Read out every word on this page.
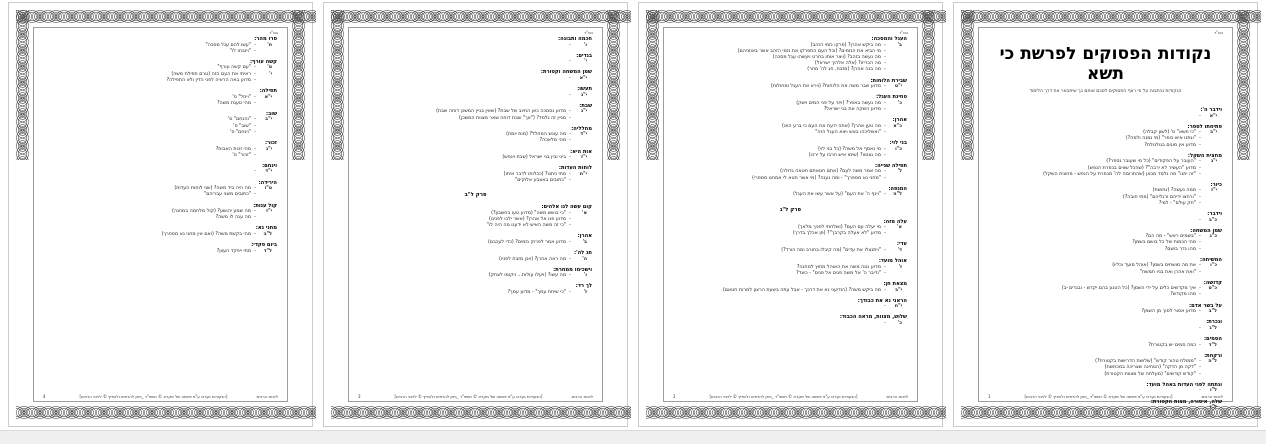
בס"ד
סרו מהר:
ח'
-
"עשו להם עגל מסכה"
-
"ויזבחו לו"
קשה עורף:
ט'
-
"עם קשה עורף"
י'
-
ראיתי את העם הזה (טרם תפילת משה)
-
מדוע באה הראיה לפני הדין ולא התפילה?
תפילה:
י"א
-
"ויחל" ס'
-
מהי טענת משה?
שוב:
י"ב
-
"והנחם" ס'
-
"שוב" ס'
-
"וינחם" ס'
זכור:
י"ג
-
מהי זכות האבות?
-
"זכור" ס'
וינחם:
י"ד
-
הירידה:
ט"ו
-
מה היה ביד משה? (שני לוחות העדות)
-
"כתובים משני עבריהם"
קול ענות:
י"ז
-
מה שמע יהושע? (קול מלחמה במחנה)
-
מה ענה לו משה?
מחני נא:
ל"ב
-
מהי בקשת משה? (ואם אין מחני נא מספרך)
ביום פקדי:
ל"ד
-
מתי ייפקד העוון?
4	[הנקודות נערכו ע"פ פשוטו של מקרא © תשפ"ד _ניתן להדפיס ולהפיץ © לזיכוי הרבים]	לזכות הרבים
בס"ד
חכמה ותבונה:
ו'
-
בגדים:
י'
-
שמן המשחה וקטורת:
י"א
-
תעשו:
י"ג
-
שבת:
י"ג
-
מדוע נסמכה כאן החיוב של שבת? (שאין בניין המשכן דוחה שבת)
-
מניין זה נלמד? ("אך" שבת דוחה שאר מצוות המשכן)
מחלליה:
י"ד
-
מה עונש המחלל? (מות יומת)
-
מהי מלאכה?
אות היא:
י"ז
-
ביני ובין בני ישראל (שבת וינפש)
לוחות העדות:
י"ח
-
מתי ניתנו? (ככלותו לדבר איתו)
-
"כתובים באצבע אלוקים"
פרק ל"ב
קום עשה לנו אלהים:
א'
-
"כי בושש משה" (מדוע טעו בחשבון?)
-
מדוע פנו אל אהרן? (אשר ילכו לפנינו)
-
"כי זה משה האיש לא ידענו מה היה לו"
אהרן:
ב'
-
מדוע אמר לפרוק נזמים? (כדי לעכבם)
חג לה':
ה'
-
מה ראה אהרן? (ויבן מזבח לפניו)
וישכימו ממחרת:
ו'
-
מה עשו? (ויעלו עולות... ויקומו לצחק)
לך רד:
ז'
-
"כי שיחת עמך" - מדוע עמך?
3	[הנקודות נערכו ע"פ פשוטו של מקרא © תשפ"ד _ניתן להדפיס ולהפיץ © לזיכוי הרבים]	לזכות הרבים
בס"ד
העגל והמסכה:
ב'
-
מה ביקש אהרן? (פרקו נזמי הזהב)
-
מי הביא את הנזמים? (וכל העם התפרקו את נזמי הזהב אשר באוזניהם)
-
מה נעשה בזהב? (ויצר אותו בחרט ויעשהו עגל מסכה)
-
מה הכריזו? (אלה אלהיך ישראל)
-
מה בנה אהרן? (מזבח, חג לה' מחר)
שבירת הלוחות:
י"ט
-
מדוע שבר משה את הלוחות? (וירא את העגל ומחולות)
טחינת העגל:
כ'
-
מה נעשה באפר? (ויזר על פני המים וישק)
-
מדוע השקה את בני ישראל?
אהרן:
כ"א
-
מה טען אהרן? (אתה ידעת את העם כי ברע הוא)
-
"ואשליכהו באש ויצא העגל הזה"
בני לוי:
כ"ו
-
מי נאסף אל משה? (כל בני לוי)
-
מה נצטוו? (שימו איש חרבו על ירכו)
תפילה שנייה:
ל'
-
מה אמר משה לעם? (אתם חטאתם חטאה גדולה)
-
"מחני נא מספרך" - ומה נענה? (מי אשר חטא לי אמחנו מספרי)
המגפה:
ל"ה
-
"ויגף ה' את העם" (על אשר עשו את העגל)
פרק ל"ג
עלה מזה:
א'
-
מי יעלה עם העם? (ושלחתי לפניך מלאך)
-
מדוע "לא אעלה בקרבך"? (פן אכלך בדרך)
עדי:
ד'
-
"ויתנצלו את עדים" (מה קיבלו בחורב ומה הורד?)
אוהל מועד:
ז'
-
מדוע נטה משה את האוהל מחוץ למחנה?
-
"ודיבר ה' אל משה פנים אל פנים" - כיצד?
מצאת חן:
י"ב
-
מה ביקש משה? (הודיעני נא את דרכך - אבל עתה בשעת הרצון למרות חטאם)
הראני נא את כבודך:
י"ח
-
שלוש, מצוות, מראה הכבוד:
כ'
-
2	[הנקודות נערכו ע"פ פשוטו של מקרא © תשפ"ד _ניתן להדפיס ולהפיץ © לזיכוי הרבים]	לזכות הרבים
בס"ד
נקודות הפסוקים לפרשת כי תשא
הנקודות נכתבות על פי רצף הפסוקים לסכם אותם כך שיתבאר את דרך הלימוד
וידבר ה':
י"א
-
פתיחתו לספר:
י"ב
-
"כי תשא" ס' (לשון קבלה)
-
"ונתנו איש כופר" (מי נמנה ולמה?)
-
מדוע אין מונים בגולגולת?
מחצית השקל:
י"ג
-
"העובר על הפקודים" (כל מי שעובר נספר?)
-
מדוע "העשיר לא ירבה"? (שהכל שווים בכפרת הנפש)
-
"זה יתנו" מה נלמד מכאן (שהתרומה לה' מכפרת על הנפש - מחצית השקל)
כיור:
י"ז
-
ממה נעשה? (נחושת)
-
"ורחצו ידיהם ורגליהם" (מתי חובה?)
-
"חק עולם" - למי?
וידבר:
כ"ב
-
שמן המשחה:
כ"ג
-
"בשמים ראש" - מה הם?
-
מהי הכמות של כל בושם בשמן?
-
מהו גדר בושם?
המשיחה:
כ"ו
-
את מה מושחים בשמן? (אוהל מועד וכליו)
-
"ואת אהרן ואת בניו תמשח"
קדושה:
כ"ט
-
איך מקדשים כלים על ידי השמן? (כל הנוגע בהם יקדש - ובגדים יב)
-
מהו מקודש?
על בשר אדם:
ל"ב
-
מדוע אסור לסוך מן השמן?
ונכרת:
ל"ג
-
הסמים:
ל"ד
-
כמה סמים יש בקטורת?
ורקחת:
ל"ה
-
"ממולח טהור קודש" (שלושת הדרישות בקטורת?)
-
"דקה מן הדקה" (הטחינה שצריכה במכתשת)
-
"קודש קודשים" (מעלתה של מצוות הקטורת)
ונתתה לפני העדות באהל מועד:
ל"ו
-
שלה, איסורה, מצות הקטורת:
ל"ז
-
1	[הנקודות נערכו ע"פ פשוטו של מקרא © תשפ"ד _ניתן להדפיס ולהפיץ © לזיכוי הרבים]	לזכות הרבים
